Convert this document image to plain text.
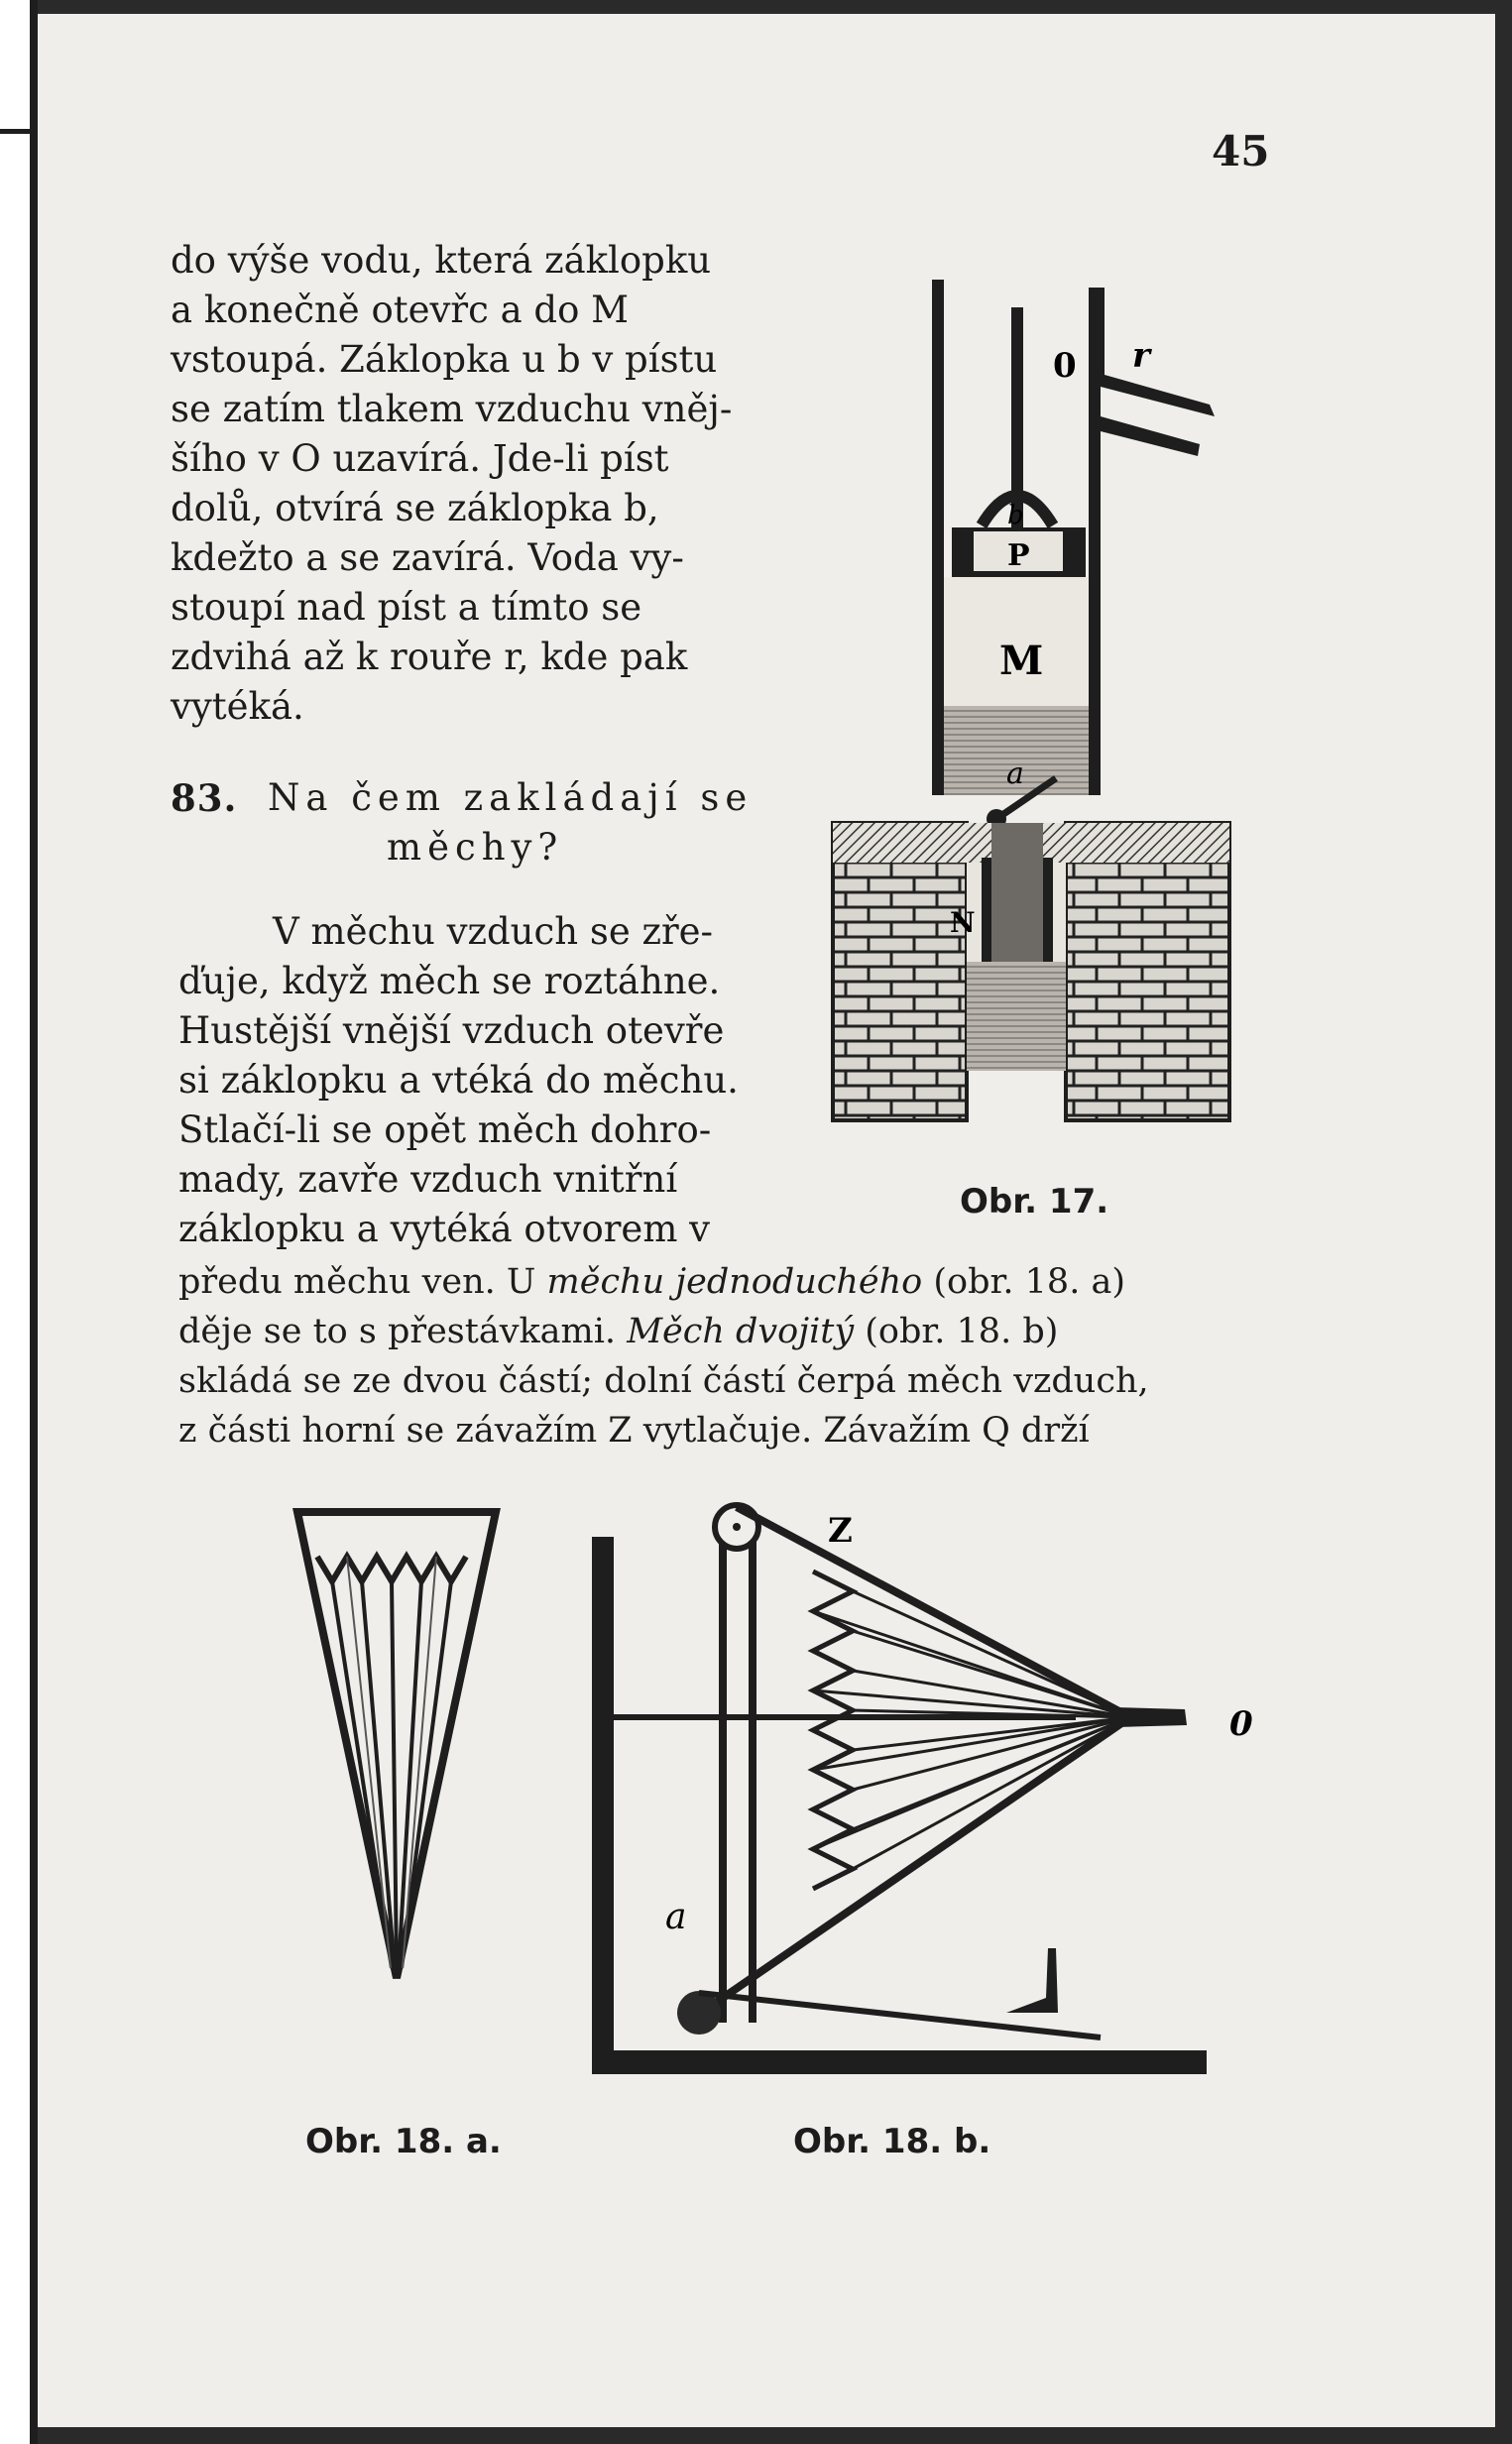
45
do výše vodu, která záklopku
a konečně otevřc a do M
vstoupá. Záklopka u b v pístu
se zatím tlakem vzduchu vněj-
šího v O uzavírá. Jde-li píst
dolů, otvírá se záklopka b,
kdežto a se zavírá. Voda vy-
stoupí nad píst a tímto se
zdvihá až k rouře r, kde pak
vytéká.
83. Na čem zakládají se
měchy?
V měchu vzduch se zře-
ďuje, když měch se roztáhne.
Hustější vnější vzduch otevře
si záklopku a vtéká do měchu.
Stlačí-li se opět měch dohro-
mady, zavře vzduch vnitřní
záklopku a vytéká otvorem v
předu měchu ven. U měchu jednoduchého (obr. 18. a)
děje se to s přestávkami. Měch dvojitý (obr. 18. b)
skládá se ze dvou částí; dolní částí čerpá měch vzduch,
z části horní se závažím Z vytlačuje. Závažím Q drží
0 r
b
P
M
a
N
Obr. 17.
Obr. 18. a.
Z
0
a
Obr. 18. b.
